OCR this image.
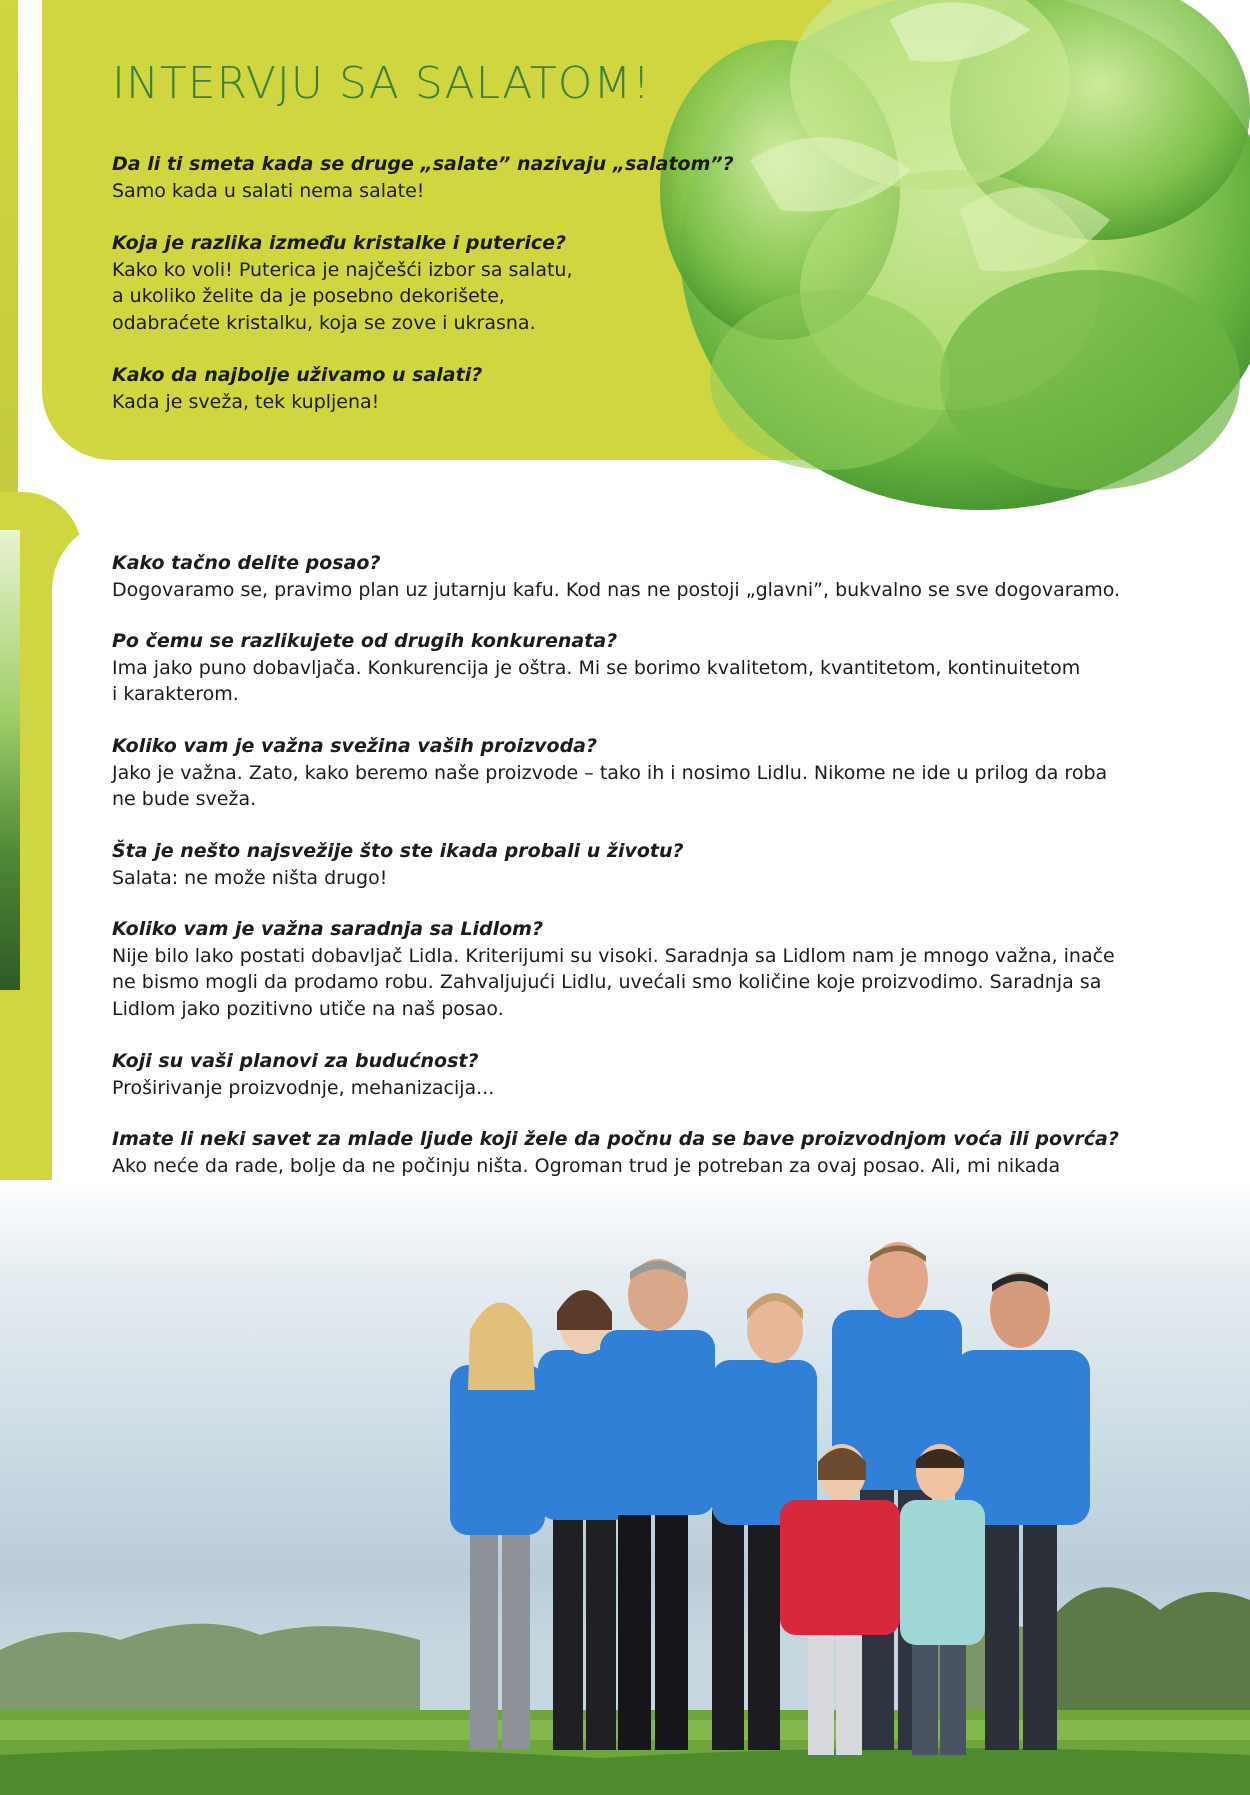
INTERVJU SA SALATOM!
Da li ti smeta kada se druge „salate” nazivaju „salatom”?
Samo kada u salati nema salate!
Koja je razlika između kristalke i puterice?
Kako ko voli! Puterica je najčešći izbor sa salatu,
a ukoliko želite da je posebno dekorišete,
odabraćete kristalku, koja se zove i ukrasna.
Kako da najbolje uživamo u salati?
Kada je sveža, tek kupljena!
Kako tačno delite posao?
Dogovaramo se, pravimo plan uz jutarnju kafu. Kod nas ne postoji „glavni”, bukvalno se sve dogovaramo.
Po čemu se razlikujete od drugih konkurenata?
Ima jako puno dobavljača. Konkurencija je oštra. Mi se borimo kvalitetom, kvantitetom, kontinuitetom
i karakterom.
Koliko vam je važna svežina vaših proizvoda?
Jako je važna. Zato, kako beremo naše proizvode – tako ih i nosimo Lidlu. Nikome ne ide u prilog da roba
ne bude sveža.
Šta je nešto najsvežije što ste ikada probali u životu?
Salata: ne može ništa drugo!
Koliko vam je važna saradnja sa Lidlom?
Nije bilo lako postati dobavljač Lidla. Kriterijumi su visoki. Saradnja sa Lidlom nam je mnogo važna, inače
ne bismo mogli da prodamo robu. Zahvaljujući Lidlu, uvećali smo količine koje proizvodimo. Saradnja sa
Lidlom jako pozitivno utiče na naš posao.
Koji su vaši planovi za budućnost?
Proširivanje proizvodnje, mehanizacija...
Imate li neki savet za mlade ljude koji žele da počnu da se bave proizvodnjom voća ili povrća?
Ako neće da rade, bolje da ne počinju ništa. Ogroman trud je potreban za ovaj posao. Ali, mi nikada
